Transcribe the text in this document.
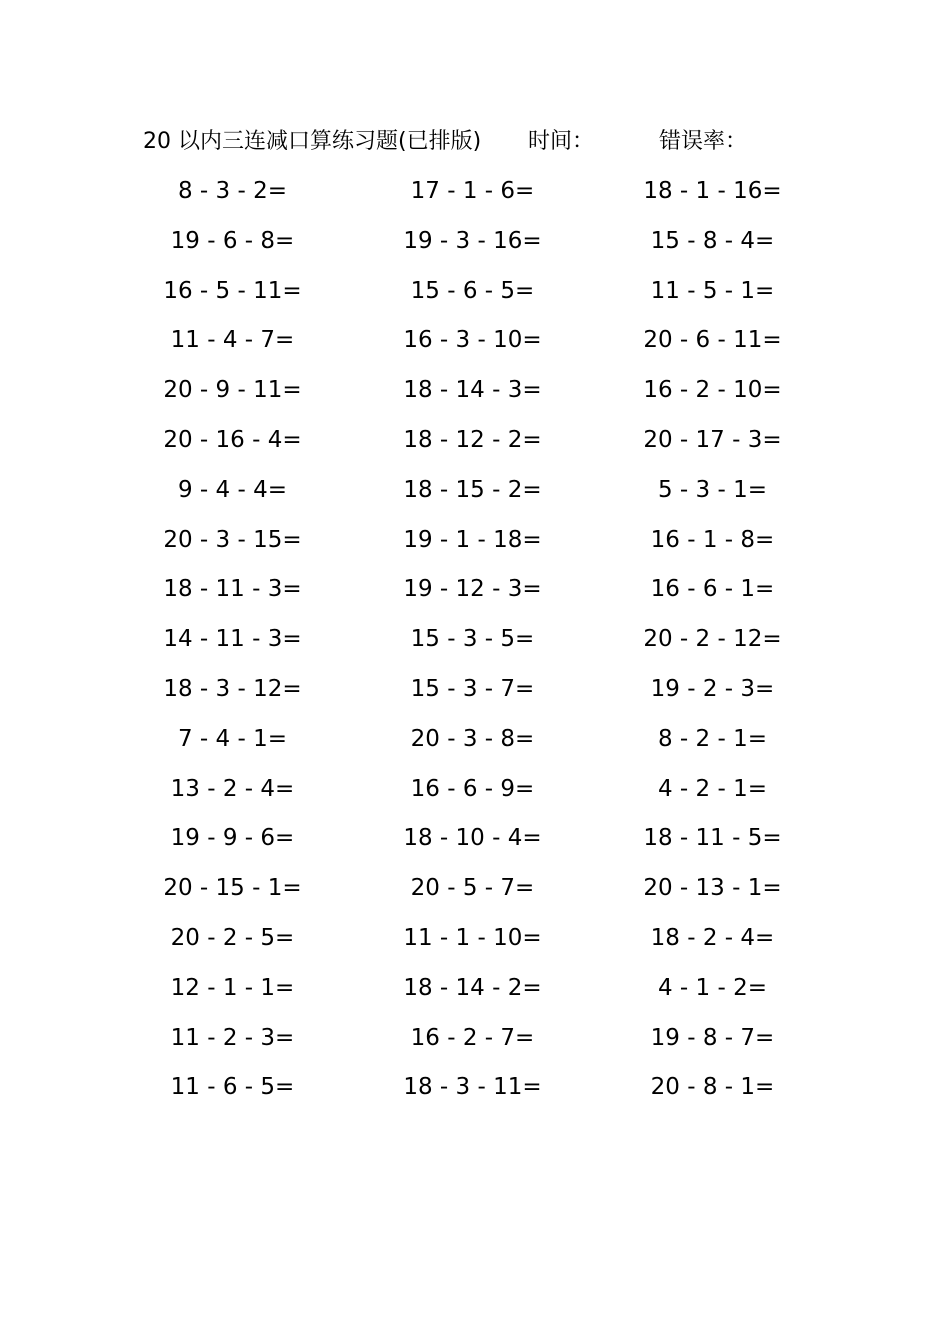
20 以内三连减口算练习题(已排版) 时间：	错误率：
8 - 3 - 2=	17 - 1 - 6=	18 - 1 - 16=
19 - 6 - 8=	19 - 3 - 16=	15 - 8 - 4=
16 - 5 - 11=	15 - 6 - 5=	11 - 5 - 1=
11 - 4 - 7=	16 - 3 - 10=	20 - 6 - 11=
20 - 9 - 11=	18 - 14 - 3=	16 - 2 - 10=
20 - 16 - 4=	18 - 12 - 2=	20 - 17 - 3=
9 - 4 - 4=	18 - 15 - 2=	5 - 3 - 1=
20 - 3 - 15=	19 - 1 - 18=	16 - 1 - 8=
18 - 11 - 3=	19 - 12 - 3=	16 - 6 - 1=
14 - 11 - 3=	15 - 3 - 5=	20 - 2 - 12=
18 - 3 - 12=	15 - 3 - 7=	19 - 2 - 3=
7 - 4 - 1=	20 - 3 - 8=	8 - 2 - 1=
13 - 2 - 4=	16 - 6 - 9=	4 - 2 - 1=
19 - 9 - 6=	18 - 10 - 4=	18 - 11 - 5=
20 - 15 - 1=	20 - 5 - 7=	20 - 13 - 1=
20 - 2 - 5=	11 - 1 - 10=	18 - 2 - 4=
12 - 1 - 1=	18 - 14 - 2=	4 - 1 - 2=
11 - 2 - 3=	16 - 2 - 7=	19 - 8 - 7=
11 - 6 - 5=	18 - 3 - 11=	20 - 8 - 1=
